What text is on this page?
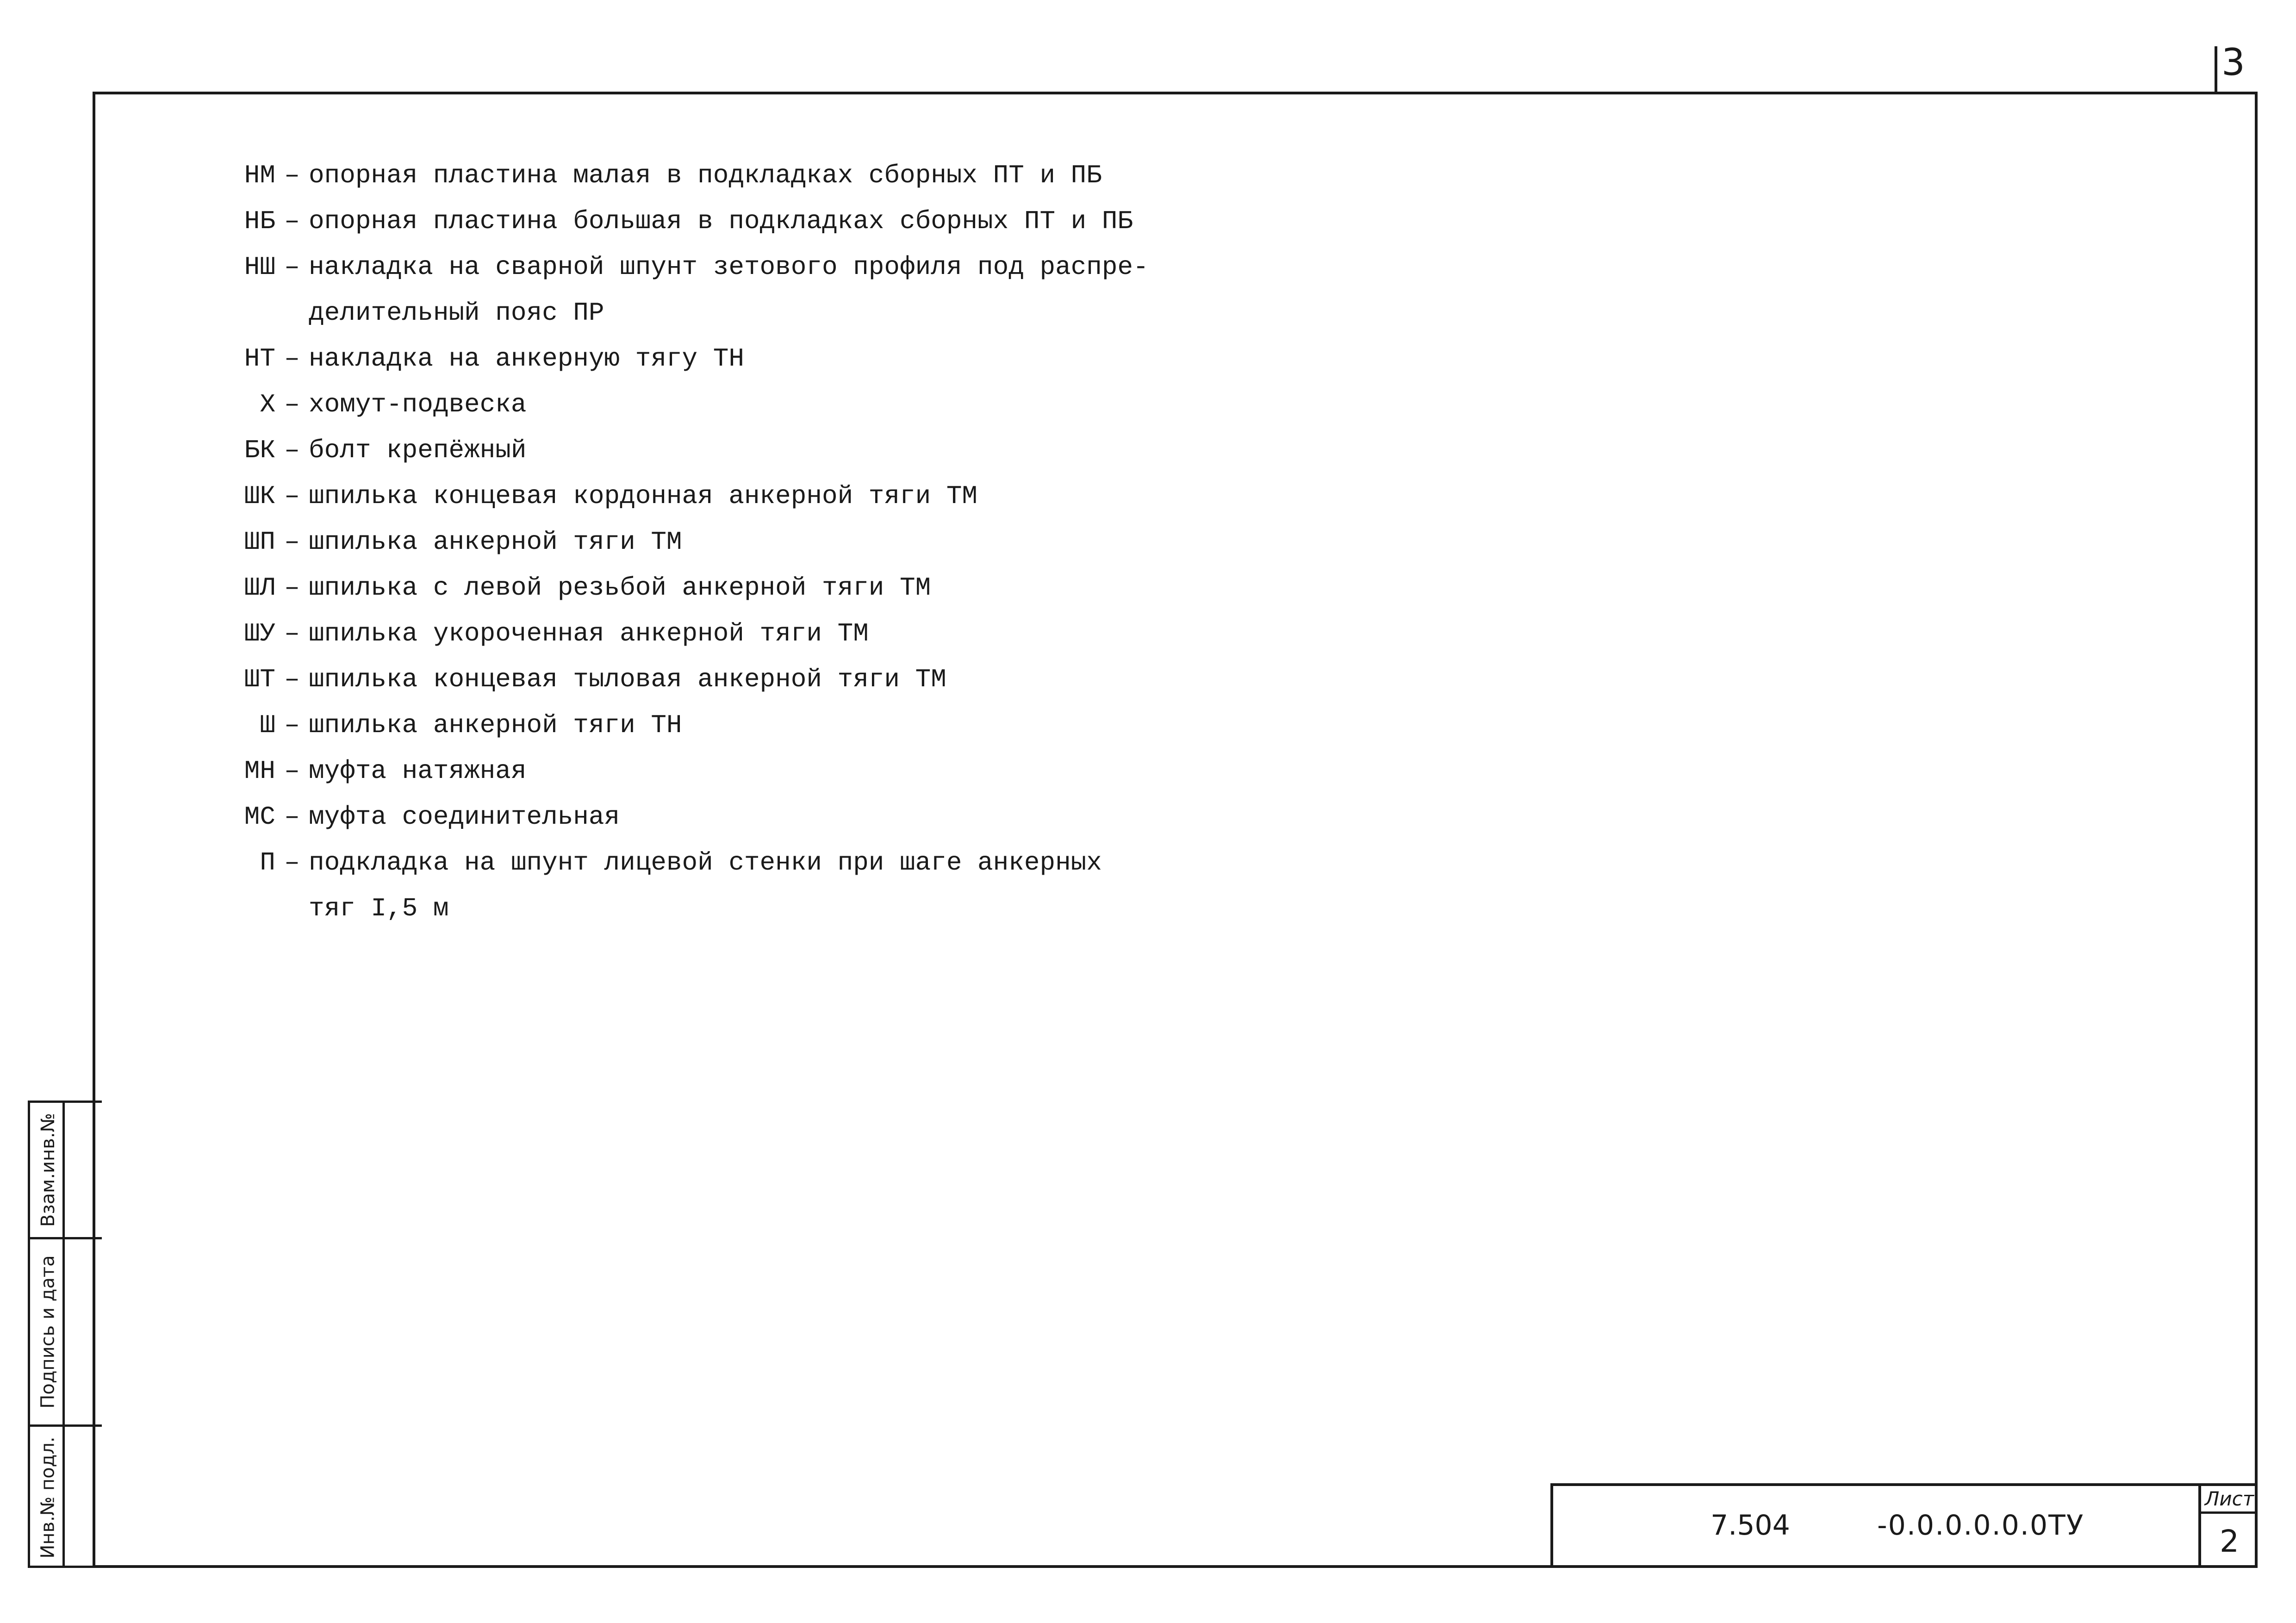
3
НМ – опорная пластина малая в подкладках сборных ПТ и ПБ
НБ – опорная пластина большая в подкладках сборных ПТ и ПБ
НШ – накладка на сварной шпунт зетового профиля под распре-
делительный пояс ПР
НТ – накладка на анкерную тягу ТН
Х – хомут-подвеска
БК – болт крепёжный
ШК – шпилька концевая кордонная анкерной тяги ТМ
ШП – шпилька анкерной тяги ТМ
ШЛ – шпилька с левой резьбой анкерной тяги ТМ
ШУ – шпилька укороченная анкерной тяги ТМ
ШТ – шпилька концевая тыловая анкерной тяги ТМ
Ш – шпилька анкерной тяги ТН
МН – муфта натяжная
МС – муфта соединительная
П – подкладка на шпунт лицевой стенки при шаге анкерных
тяг I,5 м
Взам.инв.№
Подпись и дата
Инв.№ подл.	7.504	-0.0.0.0.0.0ТУ
Лист
2
